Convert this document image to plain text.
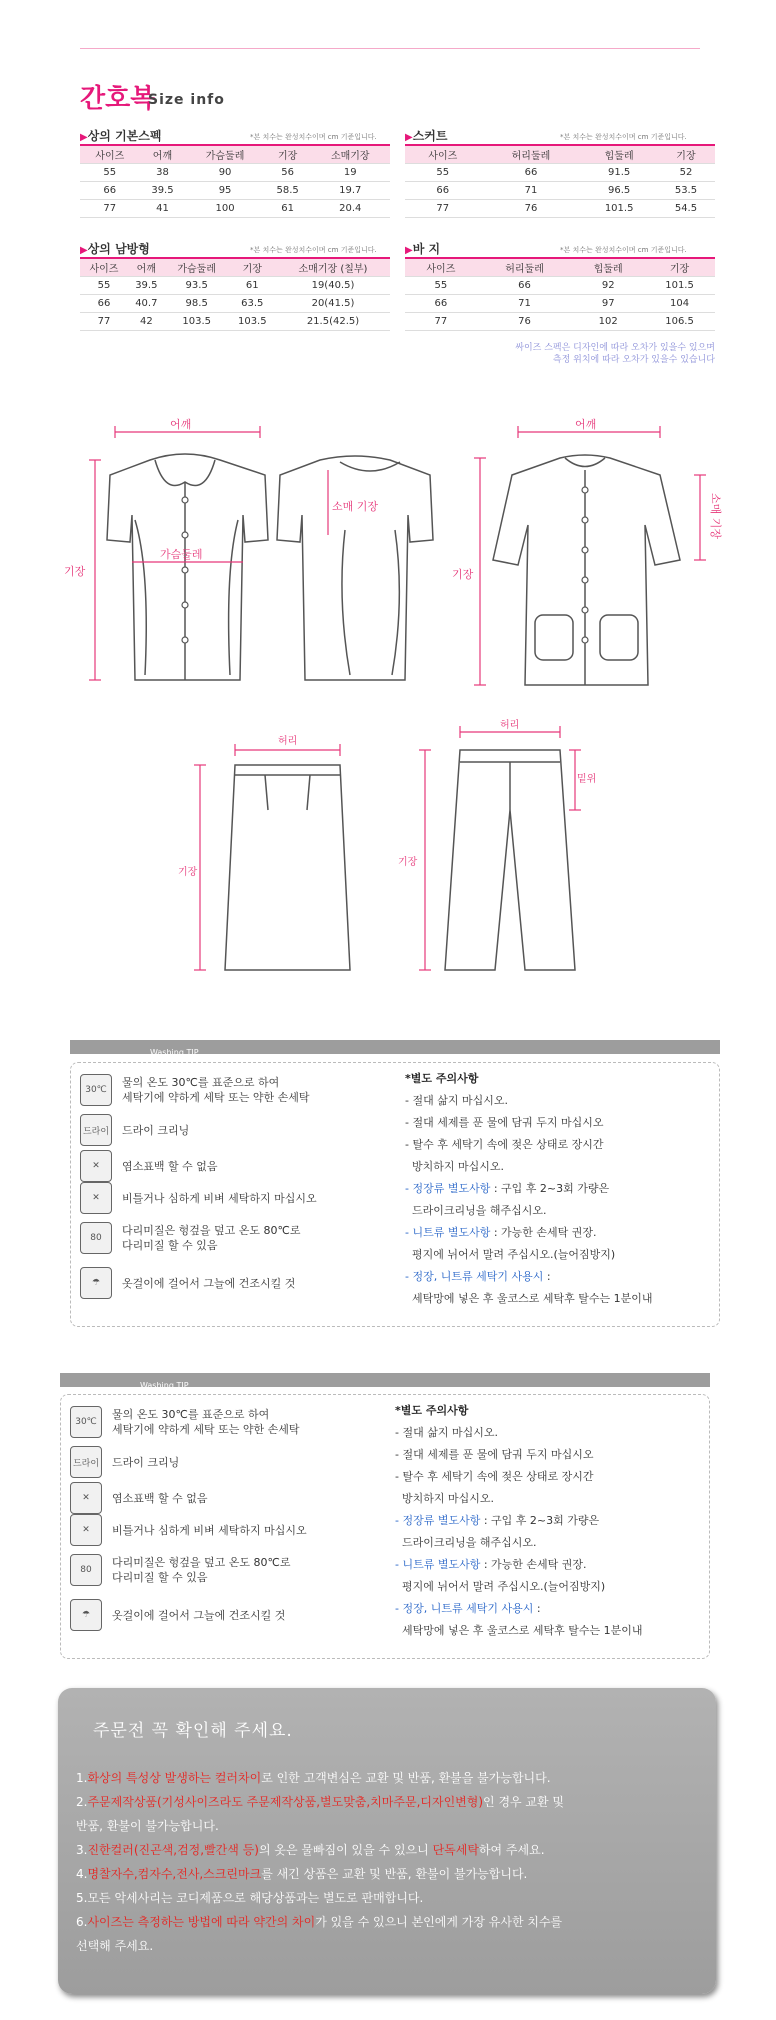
간호복
Size info
▶상의 기본스펙	*본 치수는 완성치수이며 cm 기준입니다.
사이즈	어깨	가슴둘레	기장	소매기장
55	38	90	56	19
66	39.5	95	58.5	19.7
77	41	100	61	20.4
▶스커트	*본 치수는 완성치수이며 cm 기준입니다.
사이즈	허리둘레	힙둘레	기장
55	66	91.5	52
66	71	96.5	53.5
77	76	101.5	54.5
▶상의 남방형	*본 치수는 완성치수이며 cm 기준입니다.
사이즈	어깨	가슴둘레	기장	소매기장 (칠부)
55	39.5	93.5	61	19(40.5)
66	40.7	98.5	63.5	20(41.5)
77	42	103.5	103.5	21.5(42.5)
▶바 지	*본 치수는 완성치수이며 cm 기준입니다.
사이즈	허리둘레	힙둘레	기장
55	66	92	101.5
66	71	97	104
77	76	102	106.5
싸이즈 스펙은 디자인에 따라 오차가 있을수 있으며
측정 위치에 따라 오차가 있을수 있습니다
어깨
기장
가슴둘레
소매 기장
어깨
기장
소매 기장
허리
기장
허리
기장
밑위
Washing TIP
30℃
물의 온도 30℃를 표준으로 하여
세탁기에 약하게 세탁 또는 약한 손세탁
드라이 드라이 크리닝
✕	염소표백 할 수 없음
✕	비틀거나 심하게 비벼 세탁하지 마십시오
80
다리미질은 헝겊을 덮고 온도 80℃로
다리미질 할 수 있음
☂	옷걸이에 걸어서 그늘에 건조시킬 것
*별도 주의사항
- 절대 삶지 마십시오.
- 절대 세제를 푼 물에 담궈 두지 마십시오
- 탈수 후 세탁기 속에 젖은 상태로 장시간
방치하지 마십시오.
- 정장류 별도사항 : 구입 후 2~3회 가량은
드라이크리닝을 해주십시오.
- 니트류 별도사항 : 가능한 손세탁 권장.
평지에 뉘어서 말려 주십시오.(늘어짐방지)
- 정장, 니트류 세탁기 사용시 :
세탁망에 넣은 후 울코스로 세탁후 탈수는 1분이내
Washing TIP
30℃
물의 온도 30℃를 표준으로 하여
세탁기에 약하게 세탁 또는 약한 손세탁
드라이 드라이 크리닝
✕	염소표백 할 수 없음
✕	비틀거나 심하게 비벼 세탁하지 마십시오
80
다리미질은 헝겊을 덮고 온도 80℃로
다리미질 할 수 있음
☂	옷걸이에 걸어서 그늘에 건조시킬 것
*별도 주의사항
- 절대 삶지 마십시오.
- 절대 세제를 푼 물에 담궈 두지 마십시오
- 탈수 후 세탁기 속에 젖은 상태로 장시간
방치하지 마십시오.
- 정장류 별도사항 : 구입 후 2~3회 가량은
드라이크리닝을 해주십시오.
- 니트류 별도사항 : 가능한 손세탁 권장.
평지에 뉘어서 말려 주십시오.(늘어짐방지)
- 정장, 니트류 세탁기 사용시 :
세탁망에 넣은 후 울코스로 세탁후 탈수는 1분이내
주문전 꼭 확인해 주세요.
1.화상의 특성상 발생하는 컬러차이로 인한 고객변심은 교환 및 반품, 환불을 불가능합니다.
2.주문제작상품(기성사이즈라도 주문제작상품,별도맞춤,치마주문,디자인변형)인 경우 교환 및
반품, 환불이 불가능합니다.
3.진한컬러(진곤색,검정,빨간색 등)의 옷은 물빠짐이 있을 수 있으니 단독세탁하여 주세요.
4.명찰자수,컴자수,전사,스크린마크를 새긴 상품은 교환 및 반품, 환불이 불가능합니다.
5.모든 악세사리는 코디제품으로 해당상품과는 별도로 판매합니다.
6.사이즈는 측정하는 방법에 따라 약간의 차이가 있을 수 있으니 본인에게 가장 유사한 치수를
선택해 주세요.
